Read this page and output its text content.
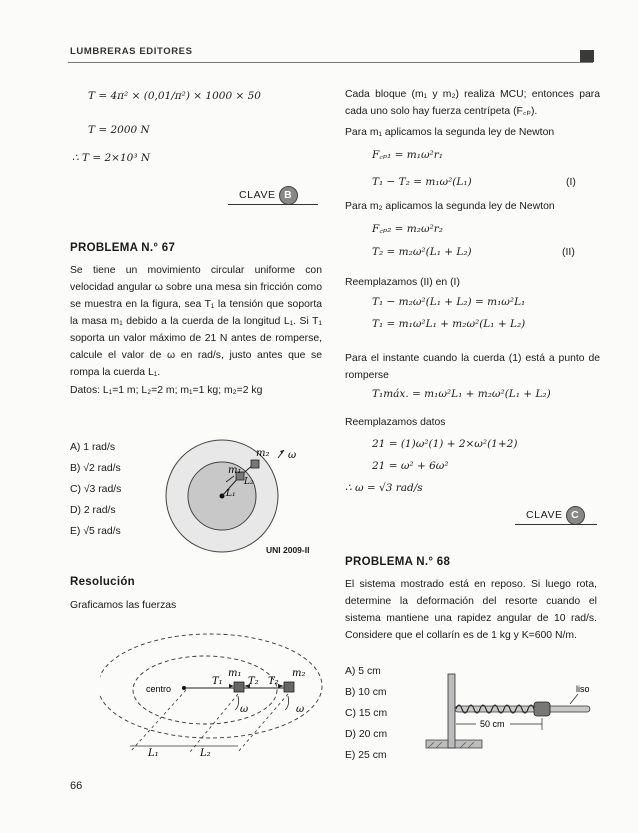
LUMBRERAS EDITORES
T = 4π² × (0,01/π²) × 1000 × 50
T = 2000 N
∴ T = 2×10³ N
CLAVE B
PROBLEMA N.° 67
Se tiene un movimiento circular uniforme con velocidad angular ω sobre una mesa sin fricción como se muestra en la figura, sea T₁ la tensión que soporta la masa m₁ debido a la cuerda de la longitud L₁. Si T₁ soporta un valor máximo de 21 N antes de romperse, calcule el valor de ω en rad/s, justo antes que se rompa la cuerda L₁.
Datos: L₁=1 m; L₂=2 m; m₁=1 kg; m₂=2 kg
A) 1 rad/s
B) √2 rad/s
C) √3 rad/s
D) 2 rad/s
E) √5 rad/s
m₁
m₂
L₁
L₂
ω
UNI 2009-II
Resolución
Graficamos las fuerzas
centro
m₁	m₂
T₁	T₂ T₂
ω	ω
L₁	L₂
66
Cada bloque (m₁ y m₂) realiza MCU; entonces para cada uno solo hay fuerza centrípeta (F꜀ₚ).
Para m₁ aplicamos la segunda ley de Newton
F꜀ₚ₁ = m₁ω²r₁
T₁ − T₂ = m₁ω²(L₁)	(I)
Para m₂ aplicamos la segunda ley de Newton
F꜀ₚ₂ = m₂ω²r₂
T₂ = m₂ω²(L₁ + L₂)	(II)
Reemplazamos (II) en (I)
T₁ − m₂ω²(L₁ + L₂) = m₁ω²L₁
T₁ = m₁ω²L₁ + m₂ω²(L₁ + L₂)
Para el instante cuando la cuerda (1) está a punto de romperse
T₁máx. = m₁ω²L₁ + m₂ω²(L₁ + L₂)
Reemplazamos datos
21 = (1)ω²(1) + 2×ω²(1+2)
21 = ω² + 6ω²
∴ ω = √3 rad/s
CLAVE C
PROBLEMA N.° 68
El sistema mostrado está en reposo. Si luego rota, determine la deformación del resorte cuando el sistema mantiene una rapidez angular de 10 rad/s. Considere que el collarín es de 1 kg y K=600 N/m.
A) 5 cm
B) 10 cm
C) 15 cm
D) 20 cm
E) 25 cm
liso
50 cm
